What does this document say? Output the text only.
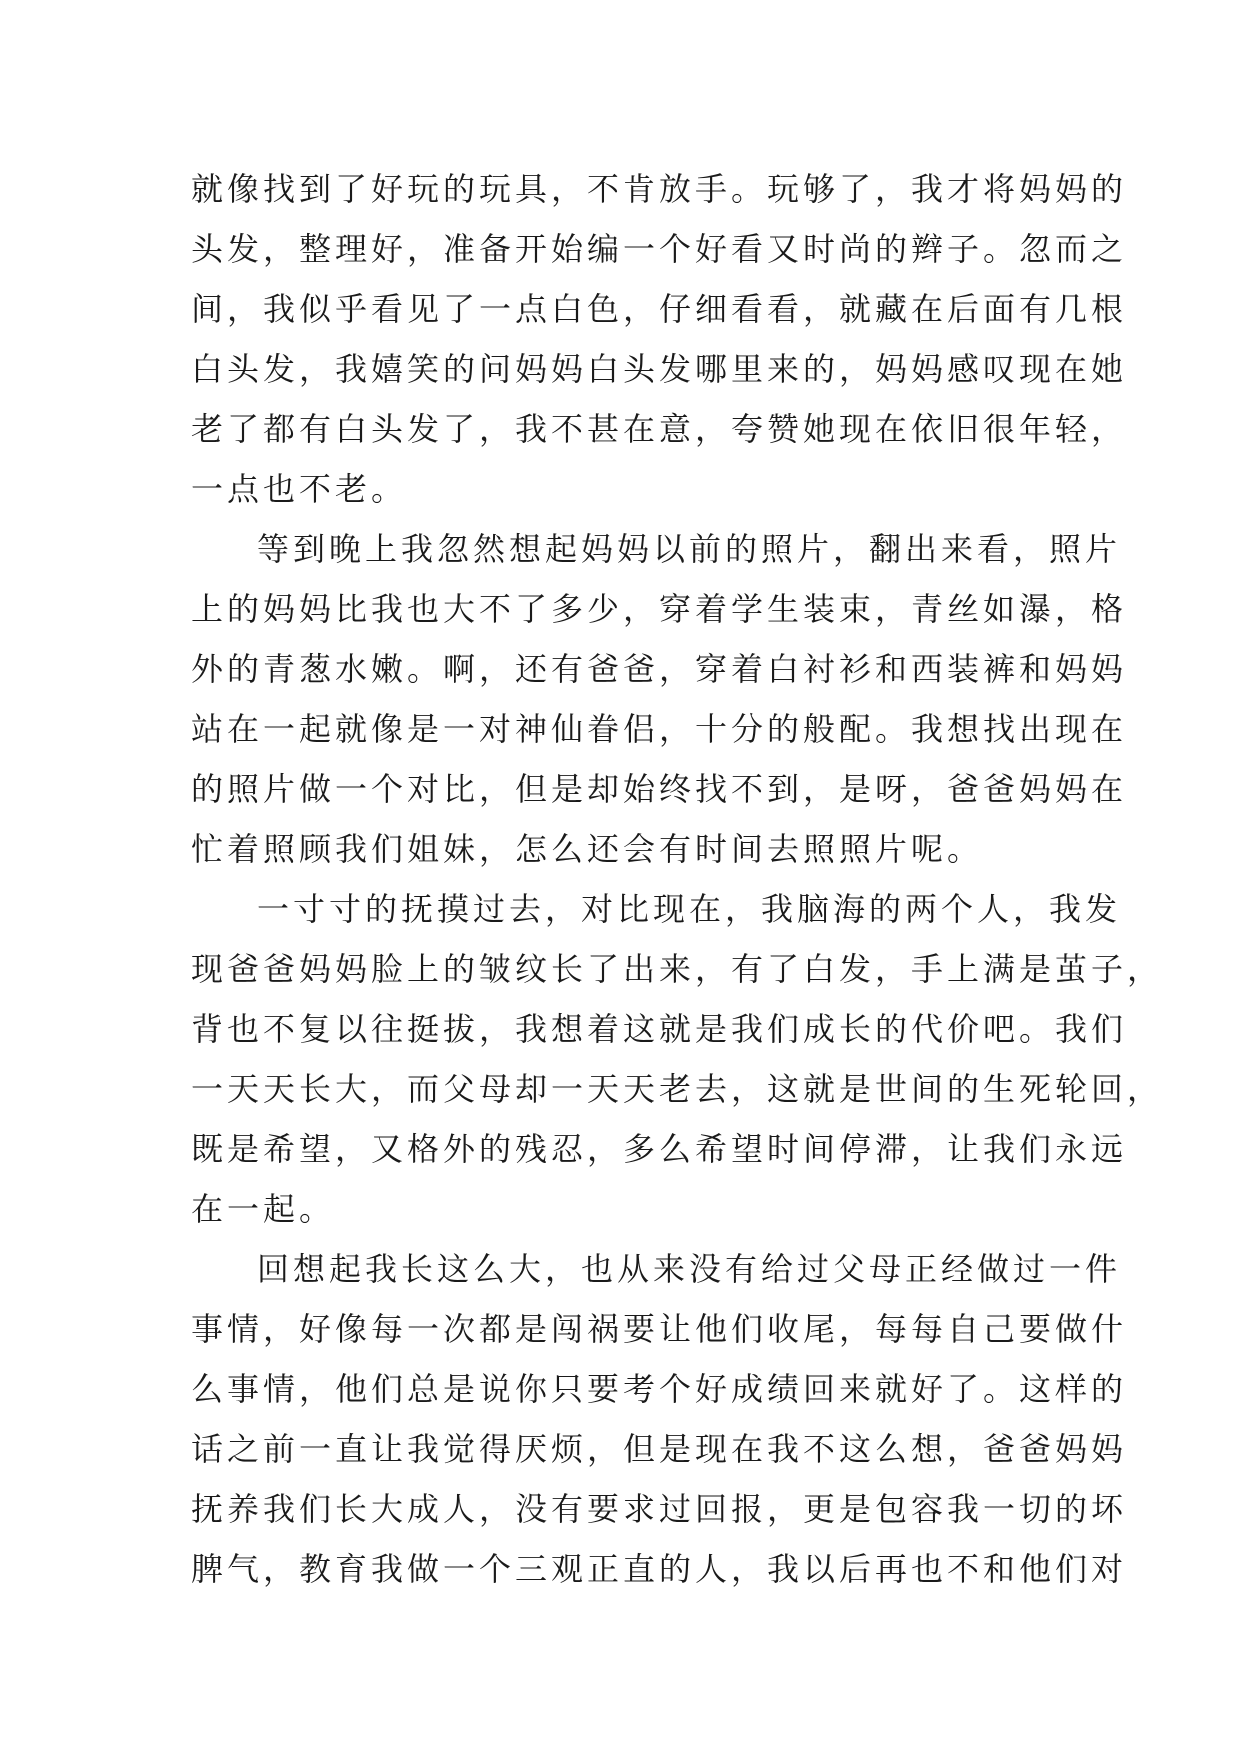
就像找到了好玩的玩具，不肯放手。玩够了，我才将妈妈的
头发，整理好，准备开始编一个好看又时尚的辫子。忽而之
间，我似乎看见了一点白色，仔细看看，就藏在后面有几根
白头发，我嬉笑的问妈妈白头发哪里来的，妈妈感叹现在她
老了都有白头发了，我不甚在意，夸赞她现在依旧很年轻，
一点也不老。
等到晚上我忽然想起妈妈以前的照片，翻出来看，照片
上的妈妈比我也大不了多少，穿着学生装束，青丝如瀑，格
外的青葱水嫩。啊，还有爸爸，穿着白衬衫和西装裤和妈妈
站在一起就像是一对神仙眷侣，十分的般配。我想找出现在
的照片做一个对比，但是却始终找不到，是呀，爸爸妈妈在
忙着照顾我们姐妹，怎么还会有时间去照照片呢。
一寸寸的抚摸过去，对比现在，我脑海的两个人，我发
现爸爸妈妈脸上的皱纹长了出来，有了白发，手上满是茧子，
背也不复以往挺拔，我想着这就是我们成长的代价吧。我们
一天天长大，而父母却一天天老去，这就是世间的生死轮回，
既是希望，又格外的残忍，多么希望时间停滞，让我们永远
在一起。
回想起我长这么大，也从来没有给过父母正经做过一件
事情，好像每一次都是闯祸要让他们收尾，每每自己要做什
么事情，他们总是说你只要考个好成绩回来就好了。这样的
话之前一直让我觉得厌烦，但是现在我不这么想，爸爸妈妈
抚养我们长大成人，没有要求过回报，更是包容我一切的坏
脾气，教育我做一个三观正直的人，我以后再也不和他们对
